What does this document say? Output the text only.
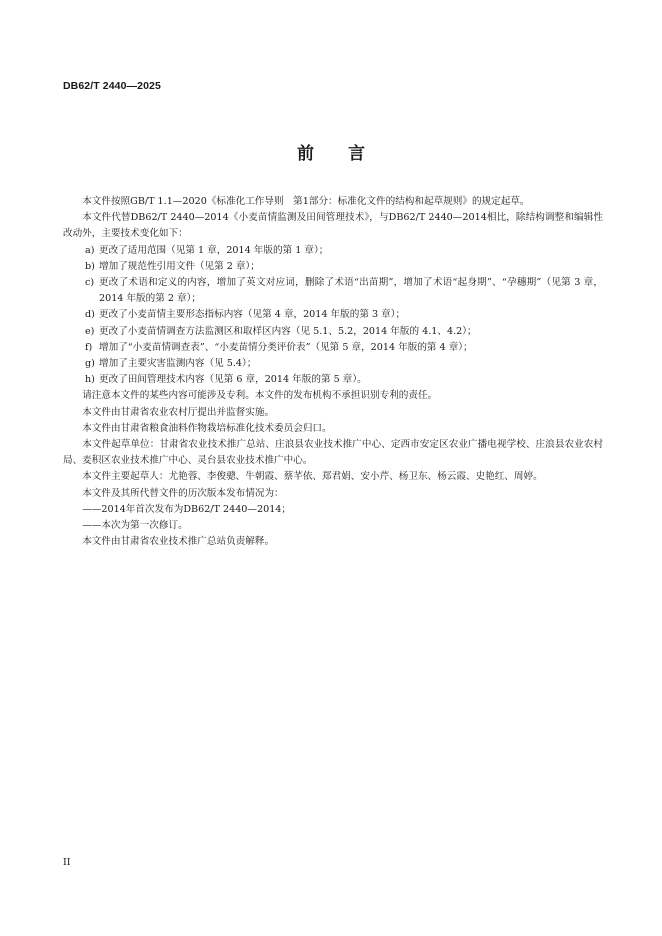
DB62/T 2440—2025
前　　言

本文件按照GB/T 1.1—2020《标准化工作导则　第1部分：标准化文件的结构和起草规则》的规定起草。

本文件代替DB62/T 2440—2014《小麦苗情监测及田间管理技术》，与DB62/T 2440—2014相比，除结构调整和编辑性改动外，主要技术变化如下：

a) 更改了适用范围（见第 1 章，2014 年版的第 1 章）；

b) 增加了规范性引用文件（见第 2 章）；

c) 更改了术语和定义的内容，增加了英文对应词，删除了术语“出苗期”，增加了术语“起身期”、“孕穗期”（见第 3 章，2014 年版的第 2 章）；

d) 更改了小麦苗情主要形态指标内容（见第 4 章，2014 年版的第 3 章）；

e) 更改了小麦苗情调查方法监测区和取样区内容（见 5.1、5.2，2014 年版的 4.1、4.2）；

f) 增加了“小麦苗情调查表”、“小麦苗情分类评价表”（见第 5 章，2014 年版的第 4 章）；

g) 增加了主要灾害监测内容（见 5.4）；

h) 更改了田间管理技术内容（见第 6 章，2014 年版的第 5 章）。

请注意本文件的某些内容可能涉及专利。本文件的发布机构不承担识别专利的责任。

本文件由甘肃省农业农村厅提出并监督实施。

本文件由甘肃省粮食油料作物栽培标准化技术委员会归口。

本文件起草单位：甘肃省农业技术推广总站、庄浪县农业技术推广中心、定西市安定区农业广播电视学校、庄浪县农业农村局、麦积区农业技术推广中心、灵台县农业技术推广中心。

本文件主要起草人：尤艳蓉、李俊骢、牛朝霞、蔡芊依、郑君娟、安小芹、杨卫东、杨云霞、史艳红、周婷。

本文件及其所代替文件的历次版本发布情况为：

——2014年首次发布为DB62/T 2440—2014；

——本次为第一次修订。

本文件由甘肃省农业技术推广总站负责解释。

II
